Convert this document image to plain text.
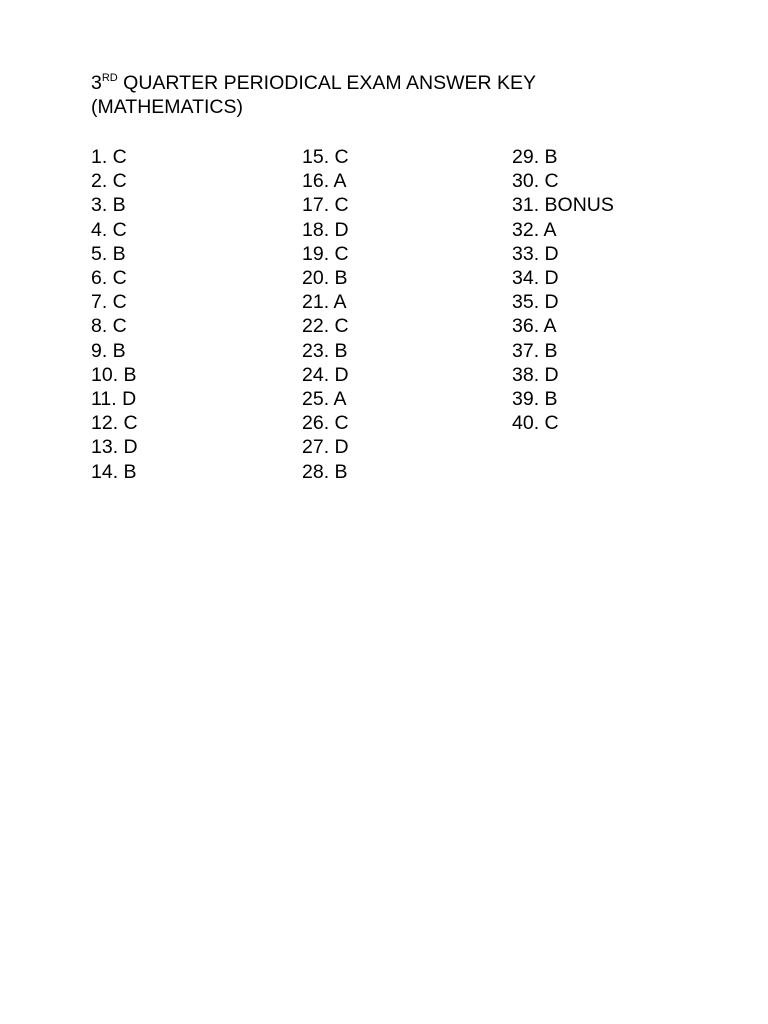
3RD QUARTER PERIODICAL EXAM ANSWER KEY
(MATHEMATICS)
1. C
2. C
3. B
4. C
5. B
6. C
7. C
8. C
9. B
10. B
11. D
12. C
13. D
14. B
15. C
16. A
17. C
18. D
19. C
20. B
21. A
22. C
23. B
24. D
25. A
26. C
27. D
28. B
29. B
30. C
31. BONUS
32. A
33. D
34. D
35. D
36. A
37. B
38. D
39. B
40. C
